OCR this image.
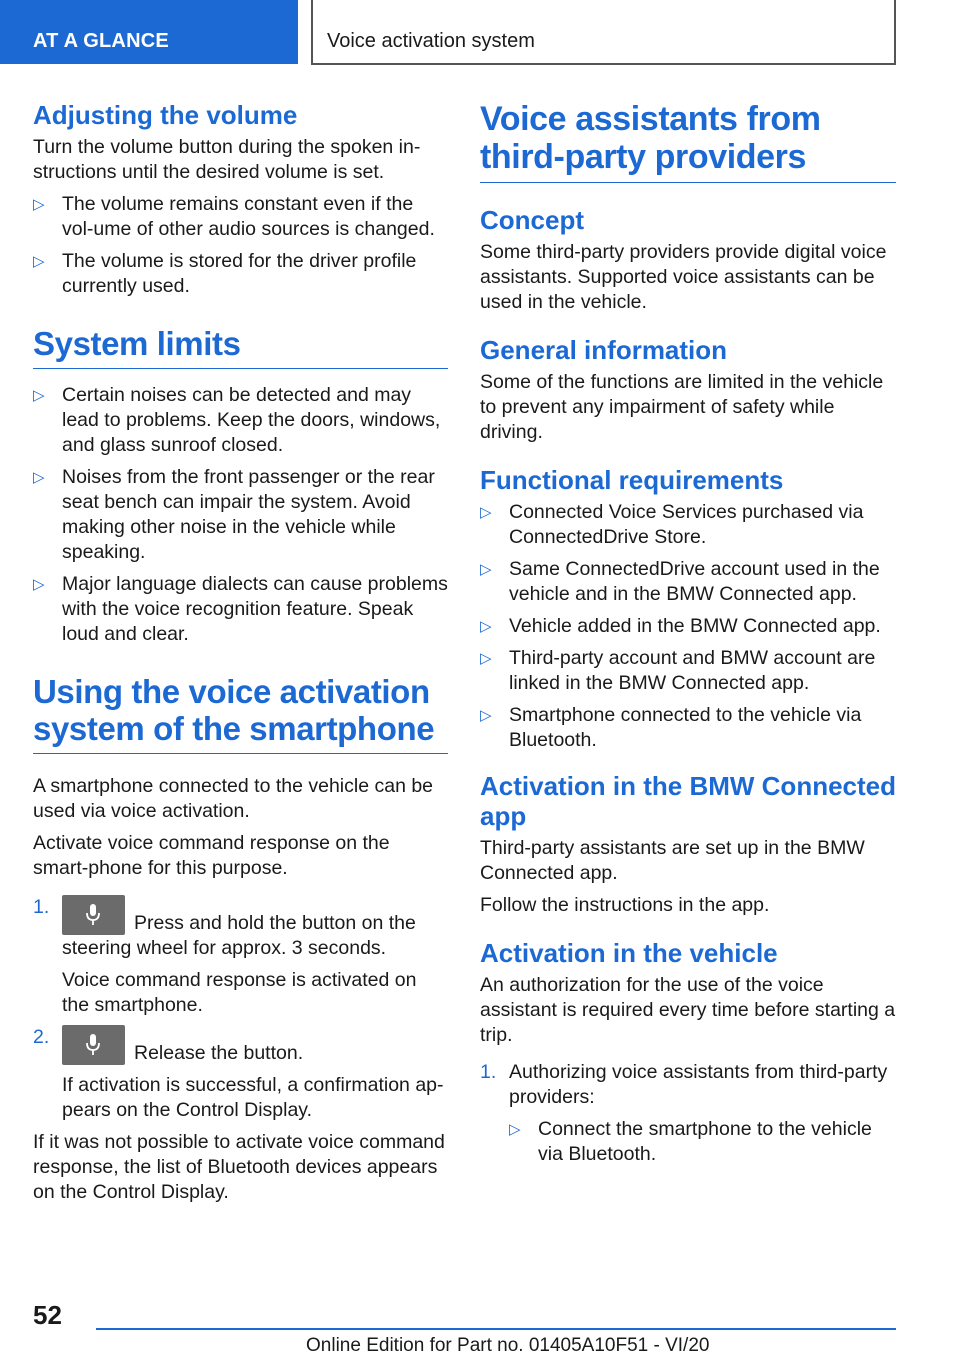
AT A GLANCE	Voice activation system
Adjusting the volume

Turn the volume button during the spoken in‐structions until the desired volume is set.

▷ The volume remains constant even if the vol‐ume of other audio sources is changed.
▷ The volume is stored for the driver profile currently used.
System limits
▷ Certain noises can be detected and may lead to problems. Keep the doors, windows, and glass sunroof closed.
▷ Noises from the front passenger or the rear seat bench can impair the system. Avoid making other noise in the vehicle while speaking.
▷ Major language dialects can cause problems with the voice recognition feature. Speak loud and clear.
Using the voice activation system of the smartphone

A smartphone connected to the vehicle can be used via voice activation.

Activate voice command response on the smart‐phone for this purpose.

1.
Press and hold the button on the steering wheel for approx. 3 seconds.
Voice command response is activated on the smartphone.
2.
Release the button.
If activation is successful, a confirmation ap‐pears on the Control Display.

If it was not possible to activate voice command response, the list of Bluetooth devices appears on the Control Display.

Voice assistants from third-party providers
Concept

Some third-party providers provide digital voice assistants. Supported voice assistants can be used in the vehicle.

General information

Some of the functions are limited in the vehicle to prevent any impairment of safety while driving.

Functional requirements
▷ Connected Voice Services purchased via ConnectedDrive Store.
▷ Same ConnectedDrive account used in the vehicle and in the BMW Connected app.
▷ Vehicle added in the BMW Connected app.
▷ Third-party account and BMW account are linked in the BMW Connected app.
▷ Smartphone connected to the vehicle via Bluetooth.
Activation in the BMW Connected app

Third-party assistants are set up in the BMW Connected app.

Follow the instructions in the app.

Activation in the vehicle

An authorization for the use of the voice assistant is required every time before starting a trip.

1. Authorizing voice assistants from third-party providers:
▷ Connect the smartphone to the vehicle via Bluetooth.
52
Online Edition for Part no. 01405A10F51 - VI/20
